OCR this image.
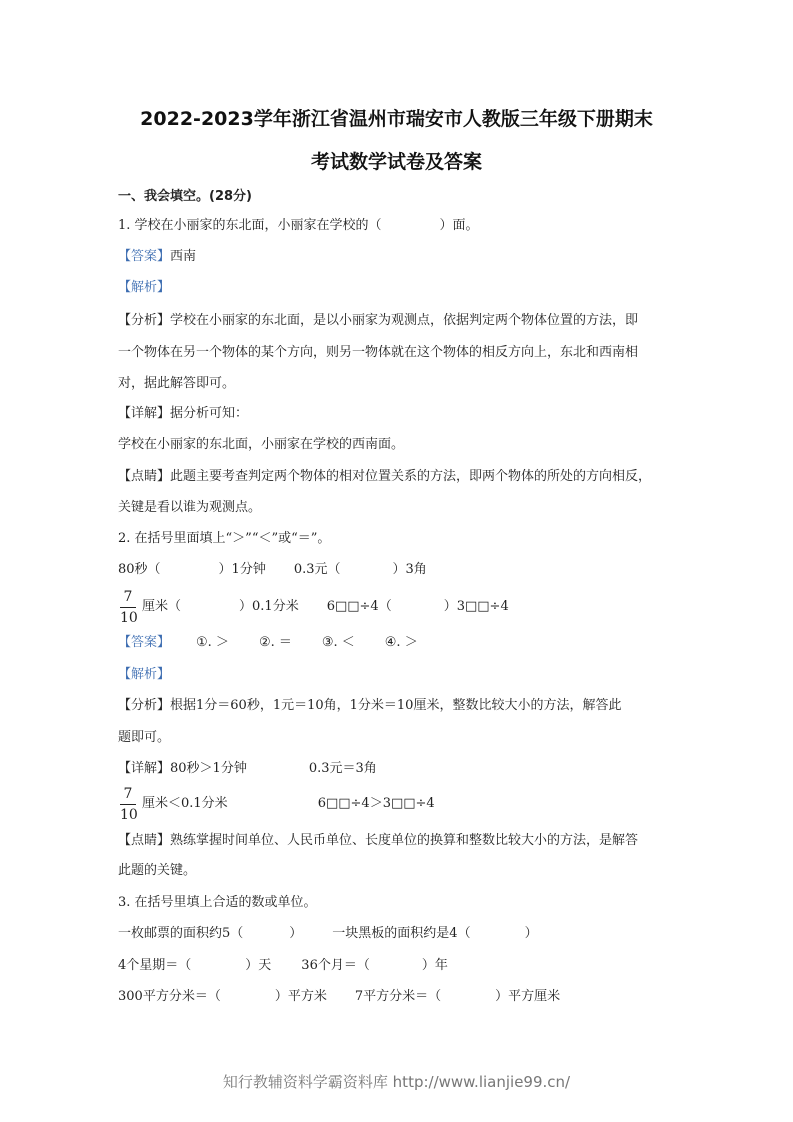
2022-2023学年浙江省温州市瑞安市人教版三年级下册期末
考试数学试卷及答案
一、我会填空。(28分)
1. 学校在小丽家的东北面，小丽家在学校的（	）面。
【答案】西南
【解析】
【分析】学校在小丽家的东北面，是以小丽家为观测点，依据判定两个物体位置的方法，即
一个物体在另一个物体的某个方向，则另一物体就在这个物体的相反方向上，东北和西南相
对，据此解答即可。
【详解】据分析可知：
学校在小丽家的东北面，小丽家在学校的西南面。
【点睛】此题主要考查判定两个物体的相对位置关系的方法，即两个物体的所处的方向相反，
关键是看以谁为观测点。
2. 在括号里面填上“＞”“＜”或“＝”。
80秒（	）1分钟 0.3元（	）3角
7
10
厘米（	）0.1分米 6□□÷4（	）3□□÷4
【答案】 ①. ＞ ②. ＝ ③. ＜ ④. ＞
【解析】
【分析】根据1分＝60秒，1元＝10角，1分米＝10厘米，整数比较大小的方法，解答此
题即可。
【详解】80秒＞1分钟	0.3元＝3角
7
10
厘米＜0.1分米	6□□÷4＞3□□÷4
【点睛】熟练掌握时间单位、人民币单位、长度单位的换算和整数比较大小的方法，是解答
此题的关键。
3. 在括号里填上合适的数或单位。
一枚邮票的面积约5（	） 一块黑板的面积约是4（	）
4个星期＝（	）天 36个月＝（	）年
300平方分米＝（	）平方米 7平方分米＝（	）平方厘米
知行教辅资料学霸资料库 http://www.lianjie99.cn/
